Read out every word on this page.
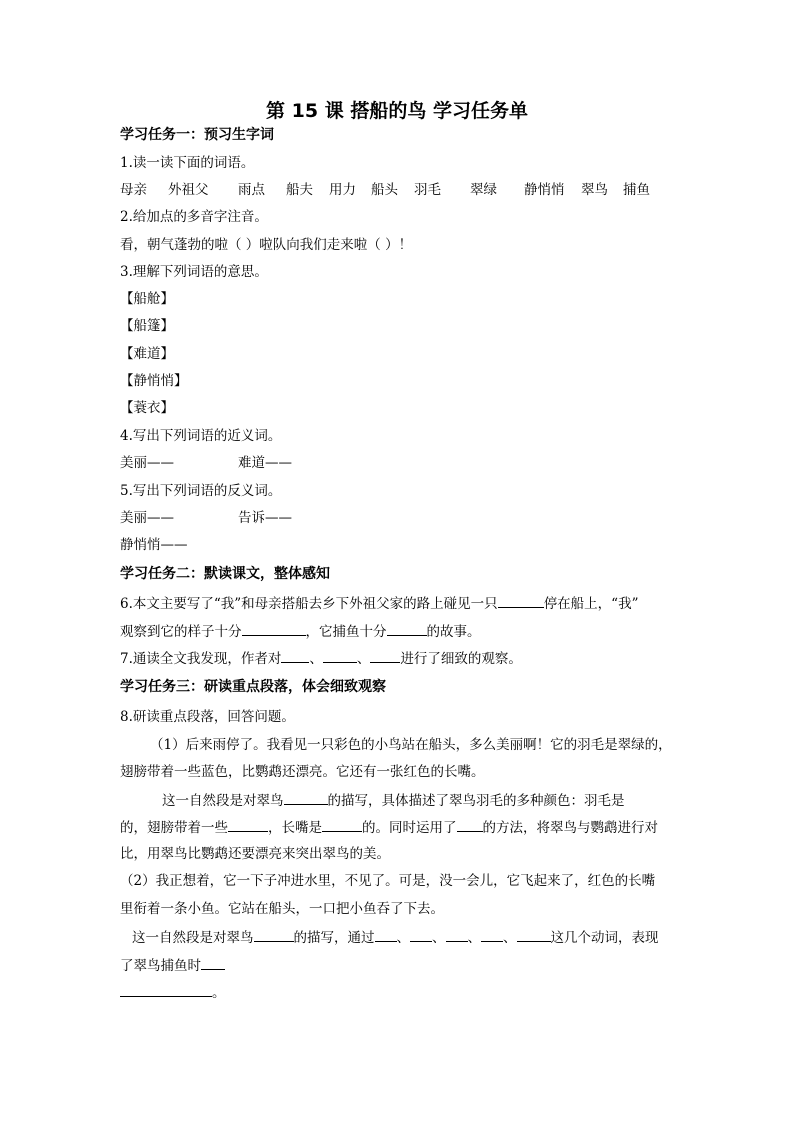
第 15 课 搭船的鸟 学习任务单
学习任务一：预习生字词
1.读一读下面的词语。
母亲 外祖父 雨点 船夫 用力 船头 羽毛 翠绿 静悄悄 翠鸟 捕鱼
2.给加点的多音字注音。
看，朝气蓬勃的啦（ ）啦队向我们走来啦（ ）！
3.理解下列词语的意思。
【船舱】
【船篷】
【难道】
【静悄悄】
【蓑衣】
4.写出下列词语的近义词。
美丽——	难道——
5.写出下列词语的反义词。
美丽——	告诉——
静悄悄——
学习任务二：默读课文，整体感知
6.本文主要写了“我”和母亲搭船去乡下外祖父家的路上碰见一只	停在船上，“我”
观察到它的样子十分	，它捕鱼十分	的故事。
7.通读全文我发现，作者对 、	、 进行了细致的观察。
学习任务三：研读重点段落，体会细致观察
8.研读重点段落，回答问题。
（1）后来雨停了。我看见一只彩色的小鸟站在船头，多么美丽啊！它的羽毛是翠绿的，
翅膀带着一些蓝色，比鹦鹉还漂亮。它还有一张红色的长嘴。
这一自然段是对翠鸟	的描写，具体描述了翠鸟羽毛的多种颜色：羽毛是
的，翅膀带着一些	，长嘴是	的。同时运用了 的方法，将翠鸟与鹦鹉进行对
比，用翠鸟比鹦鹉还要漂亮来突出翠鸟的美。
（2）我正想着，它一下子冲进水里，不见了。可是，没一会儿，它飞起来了，红色的长嘴
里衔着一条小鱼。它站在船头，一口把小鱼吞了下去。
这一自然段是对翠鸟	的描写，通过 、 、 、 、	这几个动词，表现
了翠鸟捕鱼时
。
